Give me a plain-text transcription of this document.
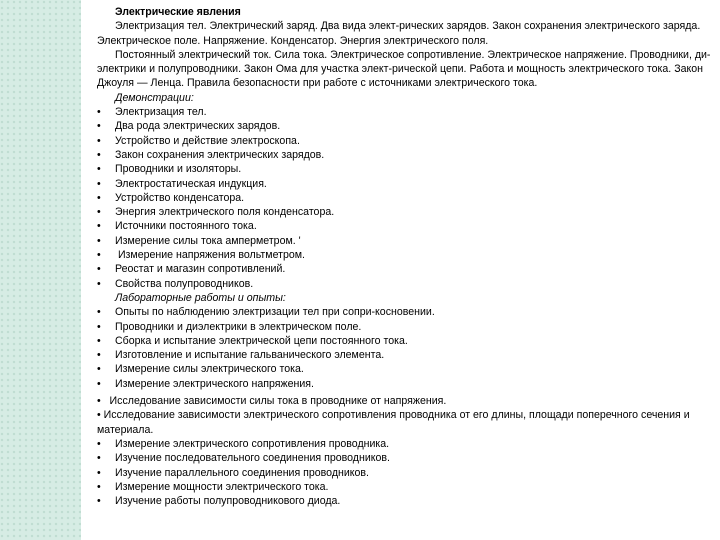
Электрические явления

Электризация тел. Электрический заряд. Два вида элект-рических зарядов. Закон сохранения электрического заряда. Электрическое поле. Напряжение. Конденсатор. Энергия электрического поля.

Постоянный электрический ток. Сила тока. Электрическое сопротивление. Электрическое напряжение. Проводники, ди-электрики и полупроводники. Закон Ома для участка элект-рической цепи. Работа и мощность электрического тока. Закон Джоуля — Ленца. Правила безопасности при работе с источниками электрического тока.

Демонстрации:

• Электризация тел.
• Два рода электрических зарядов.
• Устройство и действие электроскопа.
• Закон сохранения электрических зарядов.
• Проводники и изоляторы.
• Электростатическая индукция.
• Устройство конденсатора.
• Энергия электрического поля конденсатора.
• Источники постоянного тока.
• Измерение силы тока амперметром. '
• Измерение напряжения вольтметром.
• Реостат и магазин сопротивлений.
• Свойства полупроводников.

Лабораторные работы и опыты:

• Опыты по наблюдению электризации тел при сопри-косновении.
• Проводники и диэлектрики в электрическом поле.
• Сборка и испытание электрической цепи постоянного тока.
• Изготовление и испытание гальванического элемента.
• Измерение силы электрического тока.
• Измерение электрического напряжения.

•   Исследование зависимости силы тока в проводнике от напряжения.

• Исследование зависимости электрического сопротивления проводника от его длины, площади поперечного сечения и материала.

• Измерение электрического сопротивления проводника.
• Изучение последовательного соединения проводников.
• Изучение параллельного соединения проводников.
• Измерение мощности электрического тока.
• Изучение работы полупроводникового диода.
